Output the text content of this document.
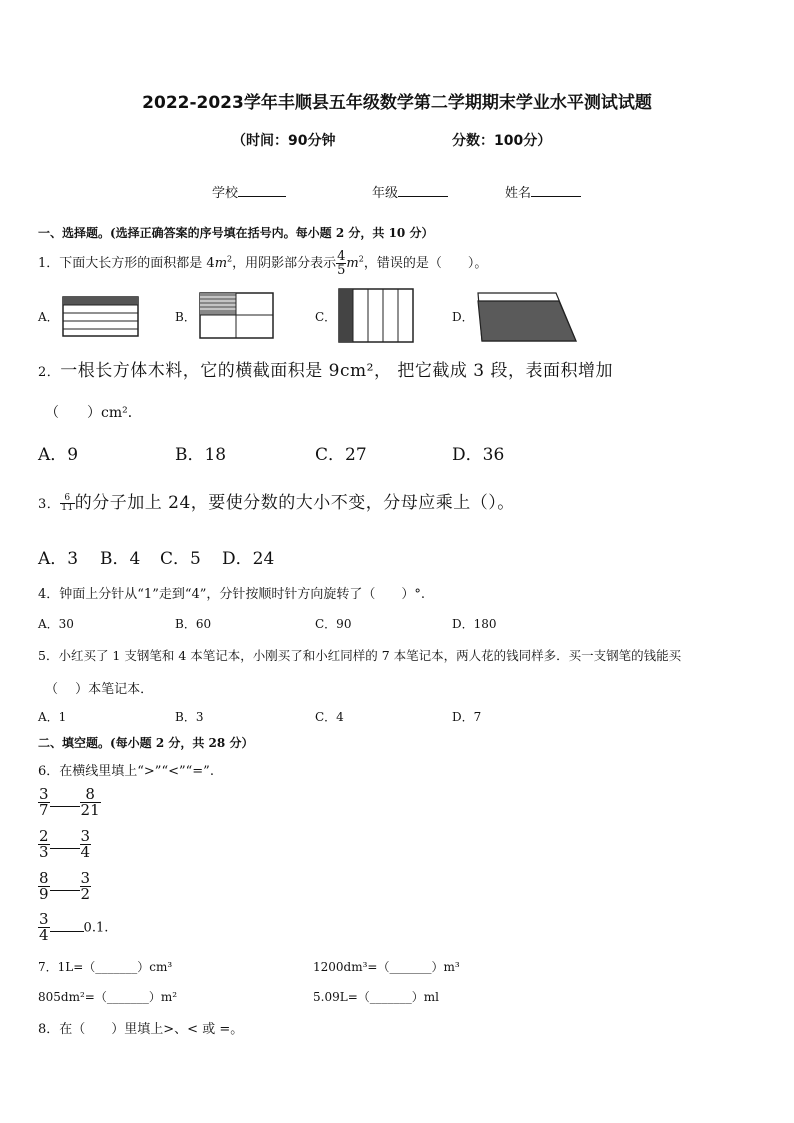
2022-2023学年丰顺县五年级数学第二学期期末学业水平测试试题
（时间：90分钟	分数：100分）
学校	年级	姓名
一、选择题。(选择正确答案的序号填在括号内。每小题 2 分，共 10 分）
1．下面大长方形的面积都是 $4m^2$，用阴影部分表示 $\frac{4}{5} m^2$，错误的是（　　）。
A．	B．	C．	D．
2．一根长方体木料，它的横截面积是 9cm²， 把它截成 3 段，表面积增加
（　　）cm²．
A．9	B．18	C．27	D．36
3． $\frac{6}{11}$ 的分子加上 24，要使分数的大小不变，分母应乘上（）。
A．3 B．4 C．5 D．24
4．钟面上分针从“1”走到“4”，分针按顺时针方向旋转了（　　）°.
A．30	B．60	C．90	D．180
5．小红买了 1 支钢笔和 4 本笔记本，小刚买了和小红同样的 7 本笔记本，两人花的钱同样多．买一支钢笔的钱能买
（　 ）本笔记本．
A．1	B．3	C．4	D．7
二、填空题。(每小题 2 分，共 28 分）
6．在横线里填上“>”“<”“=”.
$\frac{3}{7} \frac{8}{21}$
$\frac{2}{3} \frac{3}{4}$
$\frac{8}{9} \frac{3}{2}$
$\frac{3}{4}$	0.1.
7．1L=（_______）cm³	1200dm³=（_______）m³
805dm²=（_______）m²	5.09L=（_______）ml
8．在（　　）里填上>、< 或 =。
